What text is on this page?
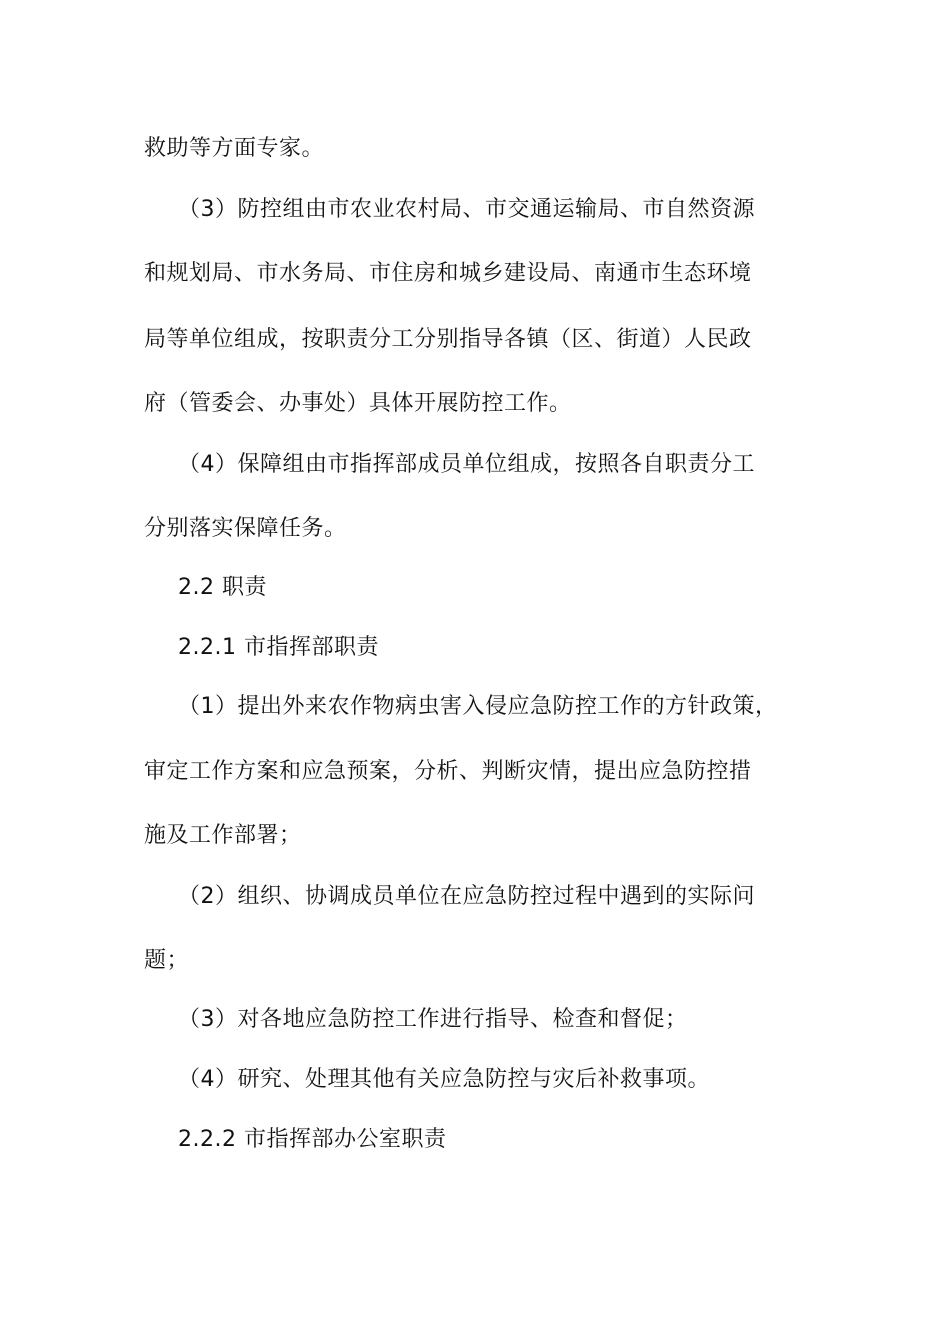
救助等方面专家。
（3）防控组由市农业农村局、市交通运输局、市自然资源
和规划局、市水务局、市住房和城乡建设局、南通市生态环境
局等单位组成，按职责分工分别指导各镇（区、街道）人民政
府（管委会、办事处）具体开展防控工作。
（4）保障组由市指挥部成员单位组成，按照各自职责分工
分别落实保障任务。
2.2 职责
2.2.1 市指挥部职责
（1）提出外来农作物病虫害入侵应急防控工作的方针政策，
审定工作方案和应急预案，分析、判断灾情，提出应急防控措
施及工作部署；
（2）组织、协调成员单位在应急防控过程中遇到的实际问
题；
（3）对各地应急防控工作进行指导、检查和督促；
（4）研究、处理其他有关应急防控与灾后补救事项。
2.2.2 市指挥部办公室职责
